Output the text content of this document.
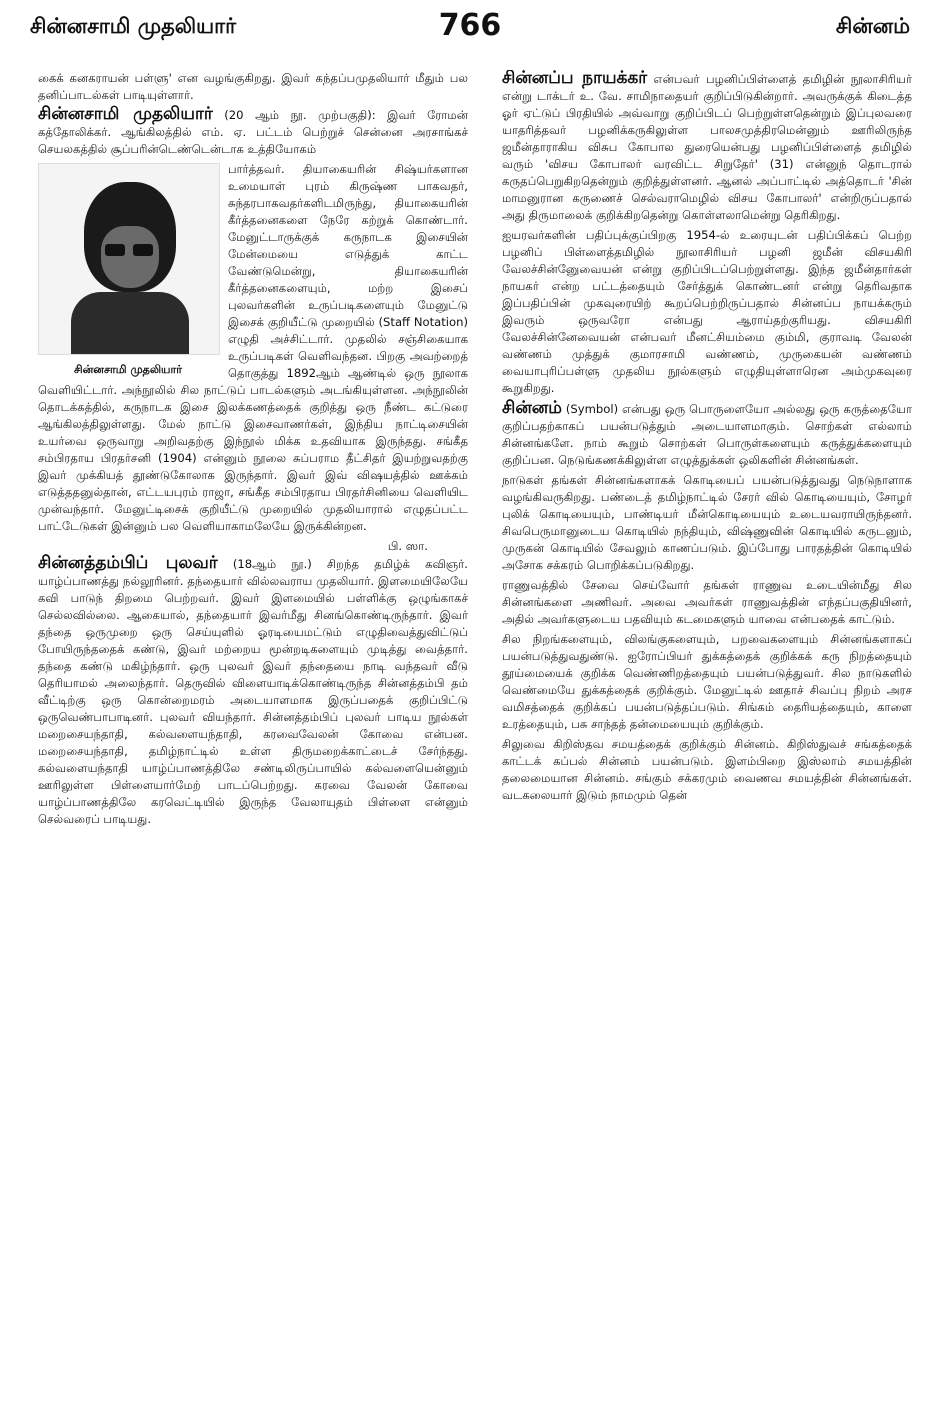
சின்னசாமி முதலியார்	766	சின்னம்

கைக் கனகராயன் பள்ளு' என வழங்குகிறது. இவர் கந்தப்பமுதலியார் மீதும் பல தனிப்பாடல்கள் பாடியுள்ளார்.

சின்னசாமி முதலியார் (20 ஆம் நூ. முற்பகுதி): இவர் ரோமன் கத்தோலிக்கர். ஆங்கிலத்தில் எம். ஏ. பட்டம் பெற்றுச் சென்னை அரசாங்கச் செயலகத்தில் சூப்பரின்டெண்டென்டாக உத்தியோகம்

சின்னசாமி முதலியார்

பார்த்தவர். தியாகையரின் சிஷ்யர்களான உமையாள் புரம் கிருஷ்ண பாகவதர், சுந்தரபாகவதர்களிடமிருந்து, தியாகையரின் கீர்த்தனைகளை நேரே கற்றுக் கொண்டார். மேனுட்டாருக்குக் கருநாடக இசையின் மேன்மையை எடுத்துக் காட்ட வேண்டுமென்று, தியாகையரின் கீர்த்தனைகளையும், மற்ற இசைப் புலவர்களின் உருப்படிகளையும் மேனுட்டு இசைக் குறியீட்டு முறையில் (Staff Notation) எழுதி அச்சிட்டார். முதலில் சஞ்சிகையாக உருப்படிகள் வெளிவந்தன. பிறகு அவற்றைத் தொகுத்து 1892ஆம் ஆண்டில் ஒரு நூலாக வெளியிட்டார். அந்நூலில் சில நாட்டுப் பாடல்களும் அடங்கியுள்ளன. அந்நூலின் தொடக்கத்தில், கருநாடக இசை இலக்கணத்தைக் குறித்து ஒரு நீண்ட கட்டுரை ஆங்கிலத்திலுள்ளது. மேல் நாட்டு இசைவாணர்கள், இந்திய நாட்டிசையின் உயர்வை ஒருவாறு அறிவதற்கு இந்நூல் மிக்க உதவியாக இருந்தது. சங்கீத சம்பிரதாய பிரதர்சனி (1904) என்னும் நூலை சுப்பராம தீட்சிதர் இயற்றுவதற்கு இவர் முக்கியத் தூண்டுகோலாக இருந்தார். இவர் இவ் விஷயத்தில் ஊக்கம் எடுத்ததனுல்தான், எட்டயபுரம் ராஜா, சங்கீத சம்பிரதாய பிரதர்சினியை வெளியிட முன்வந்தார். மேனுட்டிசைக் குறியீட்டு முறையில் முதலியாரால் எழுதப்பட்ட பாட்டேடுகள் இன்னும் பல வெளியாகாமலேயே இருக்கின்றன.

பி. ஸா.

சின்னத்தம்பிப் புலவர் (18ஆம் நூ.) சிறந்த தமிழ்க் கவிஞர். யாழ்ப்பாணத்து நல்லூரினர். தந்தையார் வில்லவராய முதலியார். இளமையிலேயே கவி பாடுந் திறமை பெற்றவர். இவர் இளமையில் பள்ளிக்கு ஒழுங்காகச் செல்லவில்லை. ஆகையால், தந்தையார் இவர்மீது சினங்கொண்டிருந்தார். இவர் தந்தை ஒருமுறை ஒரு செய்யுளில் ஓரடியைமட்டும் எழுதிவைத்துவிட்டுப் போயிருந்ததைக் கண்டு, இவர் மற்றைய மூன்றடிகளையும் முடித்து வைத்தார். தந்தை கண்டு மகிழ்ந்தார். ஒரு புலவர் இவர் தந்தையை நாடி வந்தவர் வீடு தெரியாமல் அலைந்தார். தெருவில் விளையாடிக்கொண்டிருந்த சின்னத்தம்பி தம் வீட்டிற்கு ஒரு கொன்றைமரம் அடையாளமாக இருப்பதைக் குறிப்பிட்டு ஒருவெண்பாபாடினர். புலவர் வியந்தார். சின்னத்தம்பிப் புலவர் பாடிய நூல்கள் மறைசையந்தாதி, கல்வளையந்தாதி, கரவைவேலன் கோவை என்பன. மறைசையந்தாதி, தமிழ்நாட்டில் உள்ள திருமறைக்காட்டைச் சேர்ந்தது. கல்வளையந்தாதி யாழ்ப்பாணத்திலே சண்டிலிருப்பாயில் கல்வளையென்னும் ஊரிலுள்ள பிள்ளையார்மேற் பாடப்பெற்றது. கரவை வேலன் கோவை யாழ்ப்பாணத்திலே கரவெட்டியில் இருந்த வேலாயுதம் பிள்ளை என்னும் செல்வரைப் பாடியது.

சின்னப்ப நாயக்கர் என்பவர் பழனிப்பிள்ளைத் தமிழின் நூலாசிரியர் என்று டாக்டர் உ. வே. சாமிநாதையர் குறிப்பிடுகின்றார். அவருக்குக் கிடைத்த ஓர் ஏட்டுப் பிரதியில் அவ்வாறு குறிப்பிடப் பெற்றுள்ளதென்றும் இப்புலவரை யாதரித்தவர் பழனிக்கருகிலுள்ள பாலசமுத்திரமென்னும் ஊரிலிருந்த ஜமீன்தாராகிய விசுப கோபால துரையென்பது பழனிப்பிள்ளைத் தமிழில் வரும் 'விசய கோபாலர் வரவிட்ட சிறுதேர்' (31) என்னுந் தொடரால் கருதப்பெறுகிறதென்றும் குறித்துள்ளனர். ஆனல் அப்பாட்டில் அத்தொடர் 'சின் மாமனுரான கருணைச் செல்வராமெழில் விசய கோபாலர்' என்றிருப்பதால் அது திருமாலைக் குறிக்கிறதென்று கொள்ளலாமென்று தெரிகிறது.

ஐயரவர்களின் பதிப்புக்குப்பிறகு 1954-ல் உரையுடன் பதிப்பிக்கப் பெற்ற பழனிப் பிள்ளைத்தமிழில் நூலாசிரியர் பழனி ஜமீன் விசயகிரி வேலச்சின்னுேவையன் என்று குறிப்பிடப்பெற்றுள்ளது. இந்த ஜமீன்தார்கள் நாயகர் என்ற பட்டத்தையும் சேர்த்துக் கொண்டனர் என்று தெரிவதாக இப்பதிப்பின் முகவுரையிற் கூறப்பெற்றிருப்பதால் சின்னப்ப நாயக்கரும் இவரும் ஒருவரோ என்பது ஆராய்தற்குரியது. விசயகிரி வேலச்சின்னேவையன் என்பவர் மீனட்சியம்மை கும்மி, குராவடி வேலன் வண்ணம் முத்துக் குமாரசாமி வண்ணம், முருகையன் வண்ணம் வையாபுரிப்பள்ளு முதலிய நூல்களும் எழுதியுள்ளாரென அம்முகவுரை கூறுகிறது.

சின்னம் (Symbol) என்பது ஒரு பொருளையோ அல்லது ஒரு கருத்தையோ குறிப்பதற்காகப் பயன்படுத்தும் அடையாளமாகும். சொற்கள் எல்லாம் சின்னங்களே. நாம் கூறும் சொற்கள் பொருள்களையும் கருத்துக்களையும் குறிப்பன. நெடுங்கணக்கிலுள்ள எழுத்துக்கள் ஒலிகளின் சின்னங்கள்.

நாடுகள் தங்கள் சின்னங்களாகக் கொடியைப் பயன்படுத்துவது நெடுநாளாக வழங்கிவருகிறது. பண்டைத் தமிழ்நாட்டில் சேரர் வில் கொடியையும், சோழர் புலிக் கொடியையும், பாண்டியர் மீன்கொடியையும் உடையவராயிருந்தனர். சிவபெருமானுடைய கொடியில் நந்தியும், விஷ்ணுவின் கொடியில் கருடனும், முருகன் கொடியில் சேவலும் காணப்படும். இப்போது பாரதத்தின் கொடியில் அசோக சக்கரம் பொறிக்கப்படுகிறது.

ராணுவத்தில் சேவை செய்வோர் தங்கள் ராணுவ உடையின்மீது சில சின்னங்களை அணிவர். அவை அவர்கள் ராணுவத்தின் எந்தப்பகுதியினர், அதில் அவர்களுடைய பதவியும் கடமைகளும் யாவை என்பதைக் காட்டும்.

சில நிறங்களையும், விலங்குகளையும், பறவைகளையும் சின்னங்களாகப் பயன்படுத்துவதுண்டு. ஐரோப்பியர் துக்கத்தைக் குறிக்கக் கரு நிறத்தையும் தூய்மையைக் குறிக்க வெண்ணிறத்தையும் பயன்படுத்துவர். சில நாடுகளில் வெண்மையே துக்கத்தைக் குறிக்கும். மேனுட்டில் ஊதாச் சிவப்பு நிறம் அரச வமிசத்தைக் குறிக்கப் பயன்படுத்தப்படும். சிங்கம் தைரியத்தையும், காளை உரத்தையும், பசு சாந்தத் தன்மையையும் குறிக்கும்.

சிலுவை கிறிஸ்தவ சமயத்தைக் குறிக்கும் சின்னம். கிறிஸ்துவச் சங்கத்தைக் காட்டக் கப்பல் சின்னம் பயன்படும். இளம்பிறை இஸ்லாம் சமயத்தின் தலைமையான சின்னம். சங்கும் சக்கரமும் வைணவ சமயத்தின் சின்னங்கள். வடகலையார் இடும் நாமமும் தென்
